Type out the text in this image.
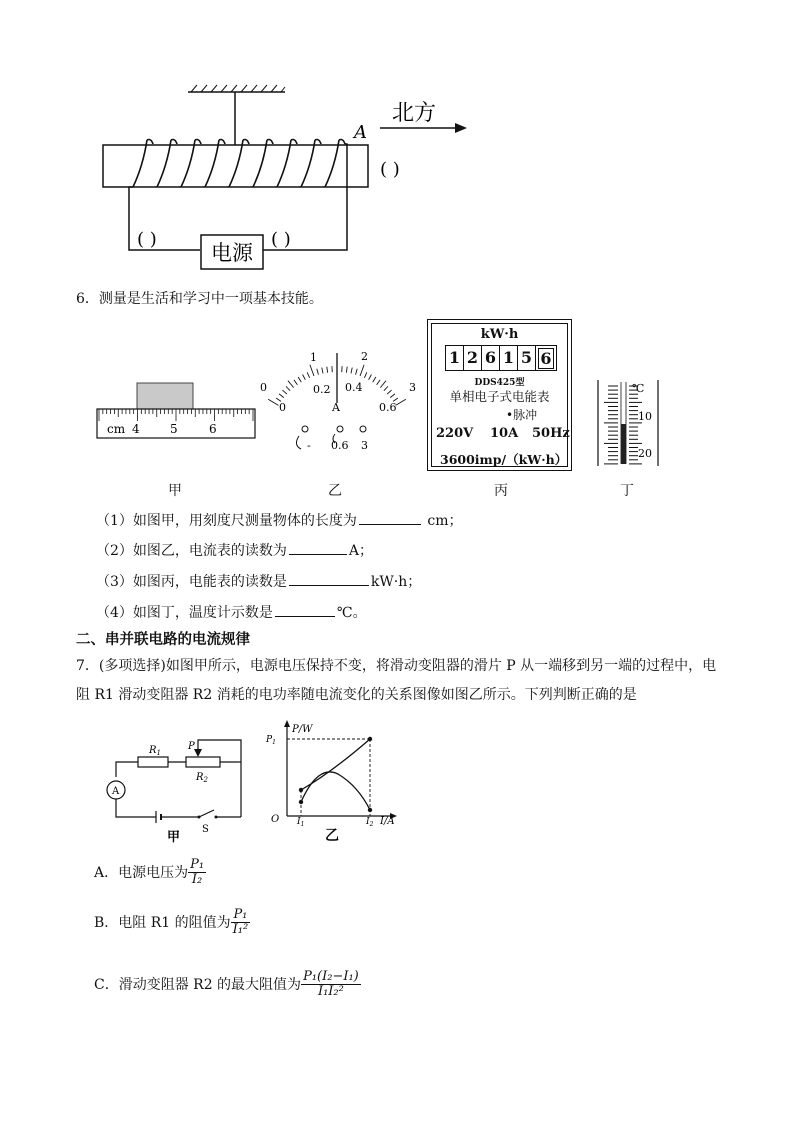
电源
( )	( )
( )
A
北方
6．测量是生活和学习中一项基本技能。
cm 4	5	6
0
1	2
3
0
0.2 0.4
0.6
A
- 0.6 3
kW·h
1 2 6 1 5 6
DDS425型
单相电子式电能表
•脉冲
220V 10A 50Hz
3600imp/（kW·h）
℃
10
20
甲	乙	丙	丁
（1）如图甲，用刻度尺测量物体的长度为	cm；
（2）如图乙，电流表的读数为	A；
（3）如图丙，电能表的读数是	kW·h；
（4）如图丁，温度计示数是	℃。
二、串并联电路的电流规律
7．(多项选择)如图甲所示，电源电压保持不变，将滑动变阻器的滑片 P 从一端移到另一端的过程中，电
阻 R1 滑动变阻器 R2 消耗的电功率随电流变化的关系图像如图乙所示。下列判断正确的是
A
S
$R_1$
P
$R_2$
甲
P/W
$P_1$
O $I_1$	$I_2$ I/A
乙
A．电源电压为 $\frac{\text{P₁}}{\text{I₂}}$
B．电阻 R1 的阻值为 $\frac{\text{P₁}}{\text{I₁²}}$
C．滑动变阻器 R2 的最大阻值为 $\frac{\text{P₁(I₂−I₁)}}{\text{I₁I₂²}}$
